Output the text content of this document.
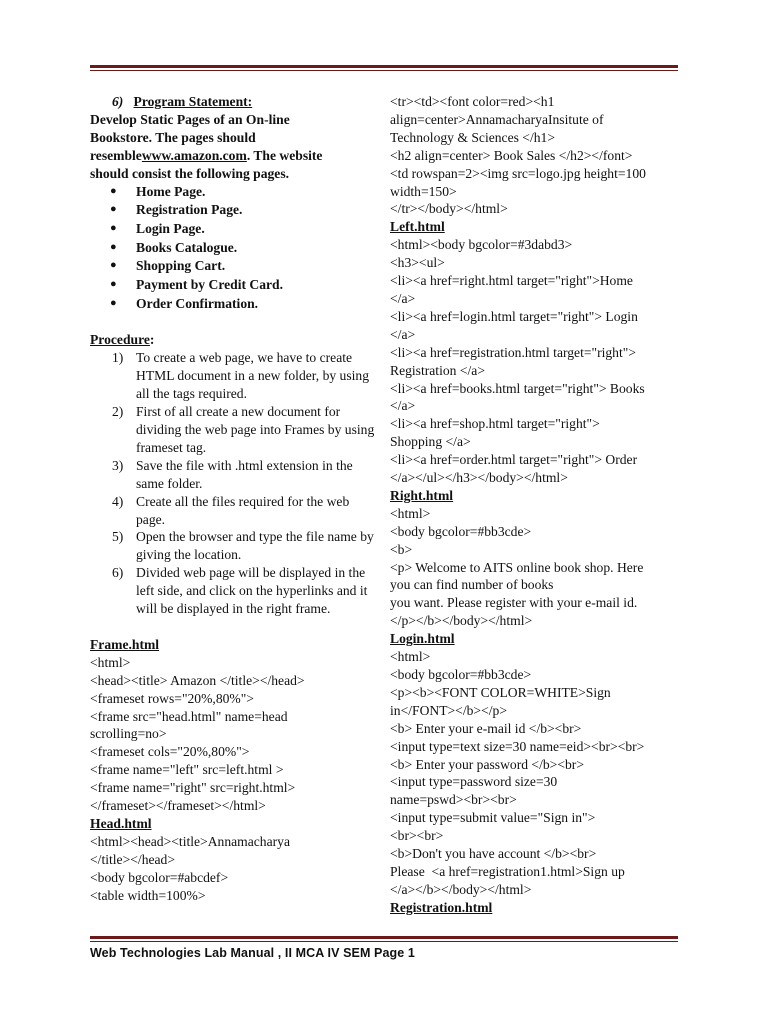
6) Program Statement:

Develop Static Pages of an On-line

Bookstore. The pages should

resemblewww.amazon.com. The website

should consist the following pages.

● Home Page.
● Registration Page.
● Login Page.
● Books Catalogue.
● Shopping Cart.
● Payment by Credit Card.
● Order Confirmation.

Procedure:

1) To create a web page, we have to create HTML document in a new folder, by using all the tags required.
2) First of all create a new document for dividing the web page into Frames by using frameset tag.
3) Save the file with .html extension in the same folder.
4) Create all the files required for the web page.
5) Open the browser and type the file name by giving the location.
6) Divided web page will be displayed in the left side, and click on the hyperlinks and it will be displayed in the right frame.

Frame.html

<html>
<head><title> Amazon </title></head>
<frameset rows="20%,80%">
<frame src="head.html" name=head
scrolling=no>
<frameset cols="20%,80%">
<frame name="left" src=left.html >
<frame name="right" src=right.html>
</frameset></frameset></html>

Head.html

<html><head><title>Annamacharya
</title></head>
<body bgcolor=#abcdef>
<table width=100%>
<tr><td><font color=red><h1
align=center>AnnamacharyaInsitute of
Technology & Sciences </h1>
<h2 align=center> Book Sales </h2></font>
<td rowspan=2><img src=logo.jpg height=100
width=150>
</tr></body></html>

Left.html

<html><body bgcolor=#3dabd3>
<h3><ul>
<li><a href=right.html target="right">Home
</a>
<li><a href=login.html target="right"> Login
</a>
<li><a href=registration.html target="right">
Registration </a>
<li><a href=books.html target="right"> Books
</a>
<li><a href=shop.html target="right">
Shopping </a>
<li><a href=order.html target="right"> Order
</a></ul></h3></body></html>

Right.html

<html>
<body bgcolor=#bb3cde>
<b>
<p> Welcome to AITS online book shop. Here
you can find number of books
you want. Please register with your e-mail id.
</p></b></body></html>

Login.html

<html>
<body bgcolor=#bb3cde>
<p><b><FONT COLOR=WHITE>Sign
in</FONT></b></p>
<b> Enter your e-mail id </b><br>
<input type=text size=30 name=eid><br><br>
<b> Enter your password </b><br>
<input type=password size=30
name=pswd><br><br>
<input type=submit value="Sign in">
<br><br>
<b>Don't you have account </b><br>
Please  <a href=registration1.html>Sign up
</a></b></body></html>

Registration.html

Web Technologies Lab Manual , II MCA IV SEM Page 1
